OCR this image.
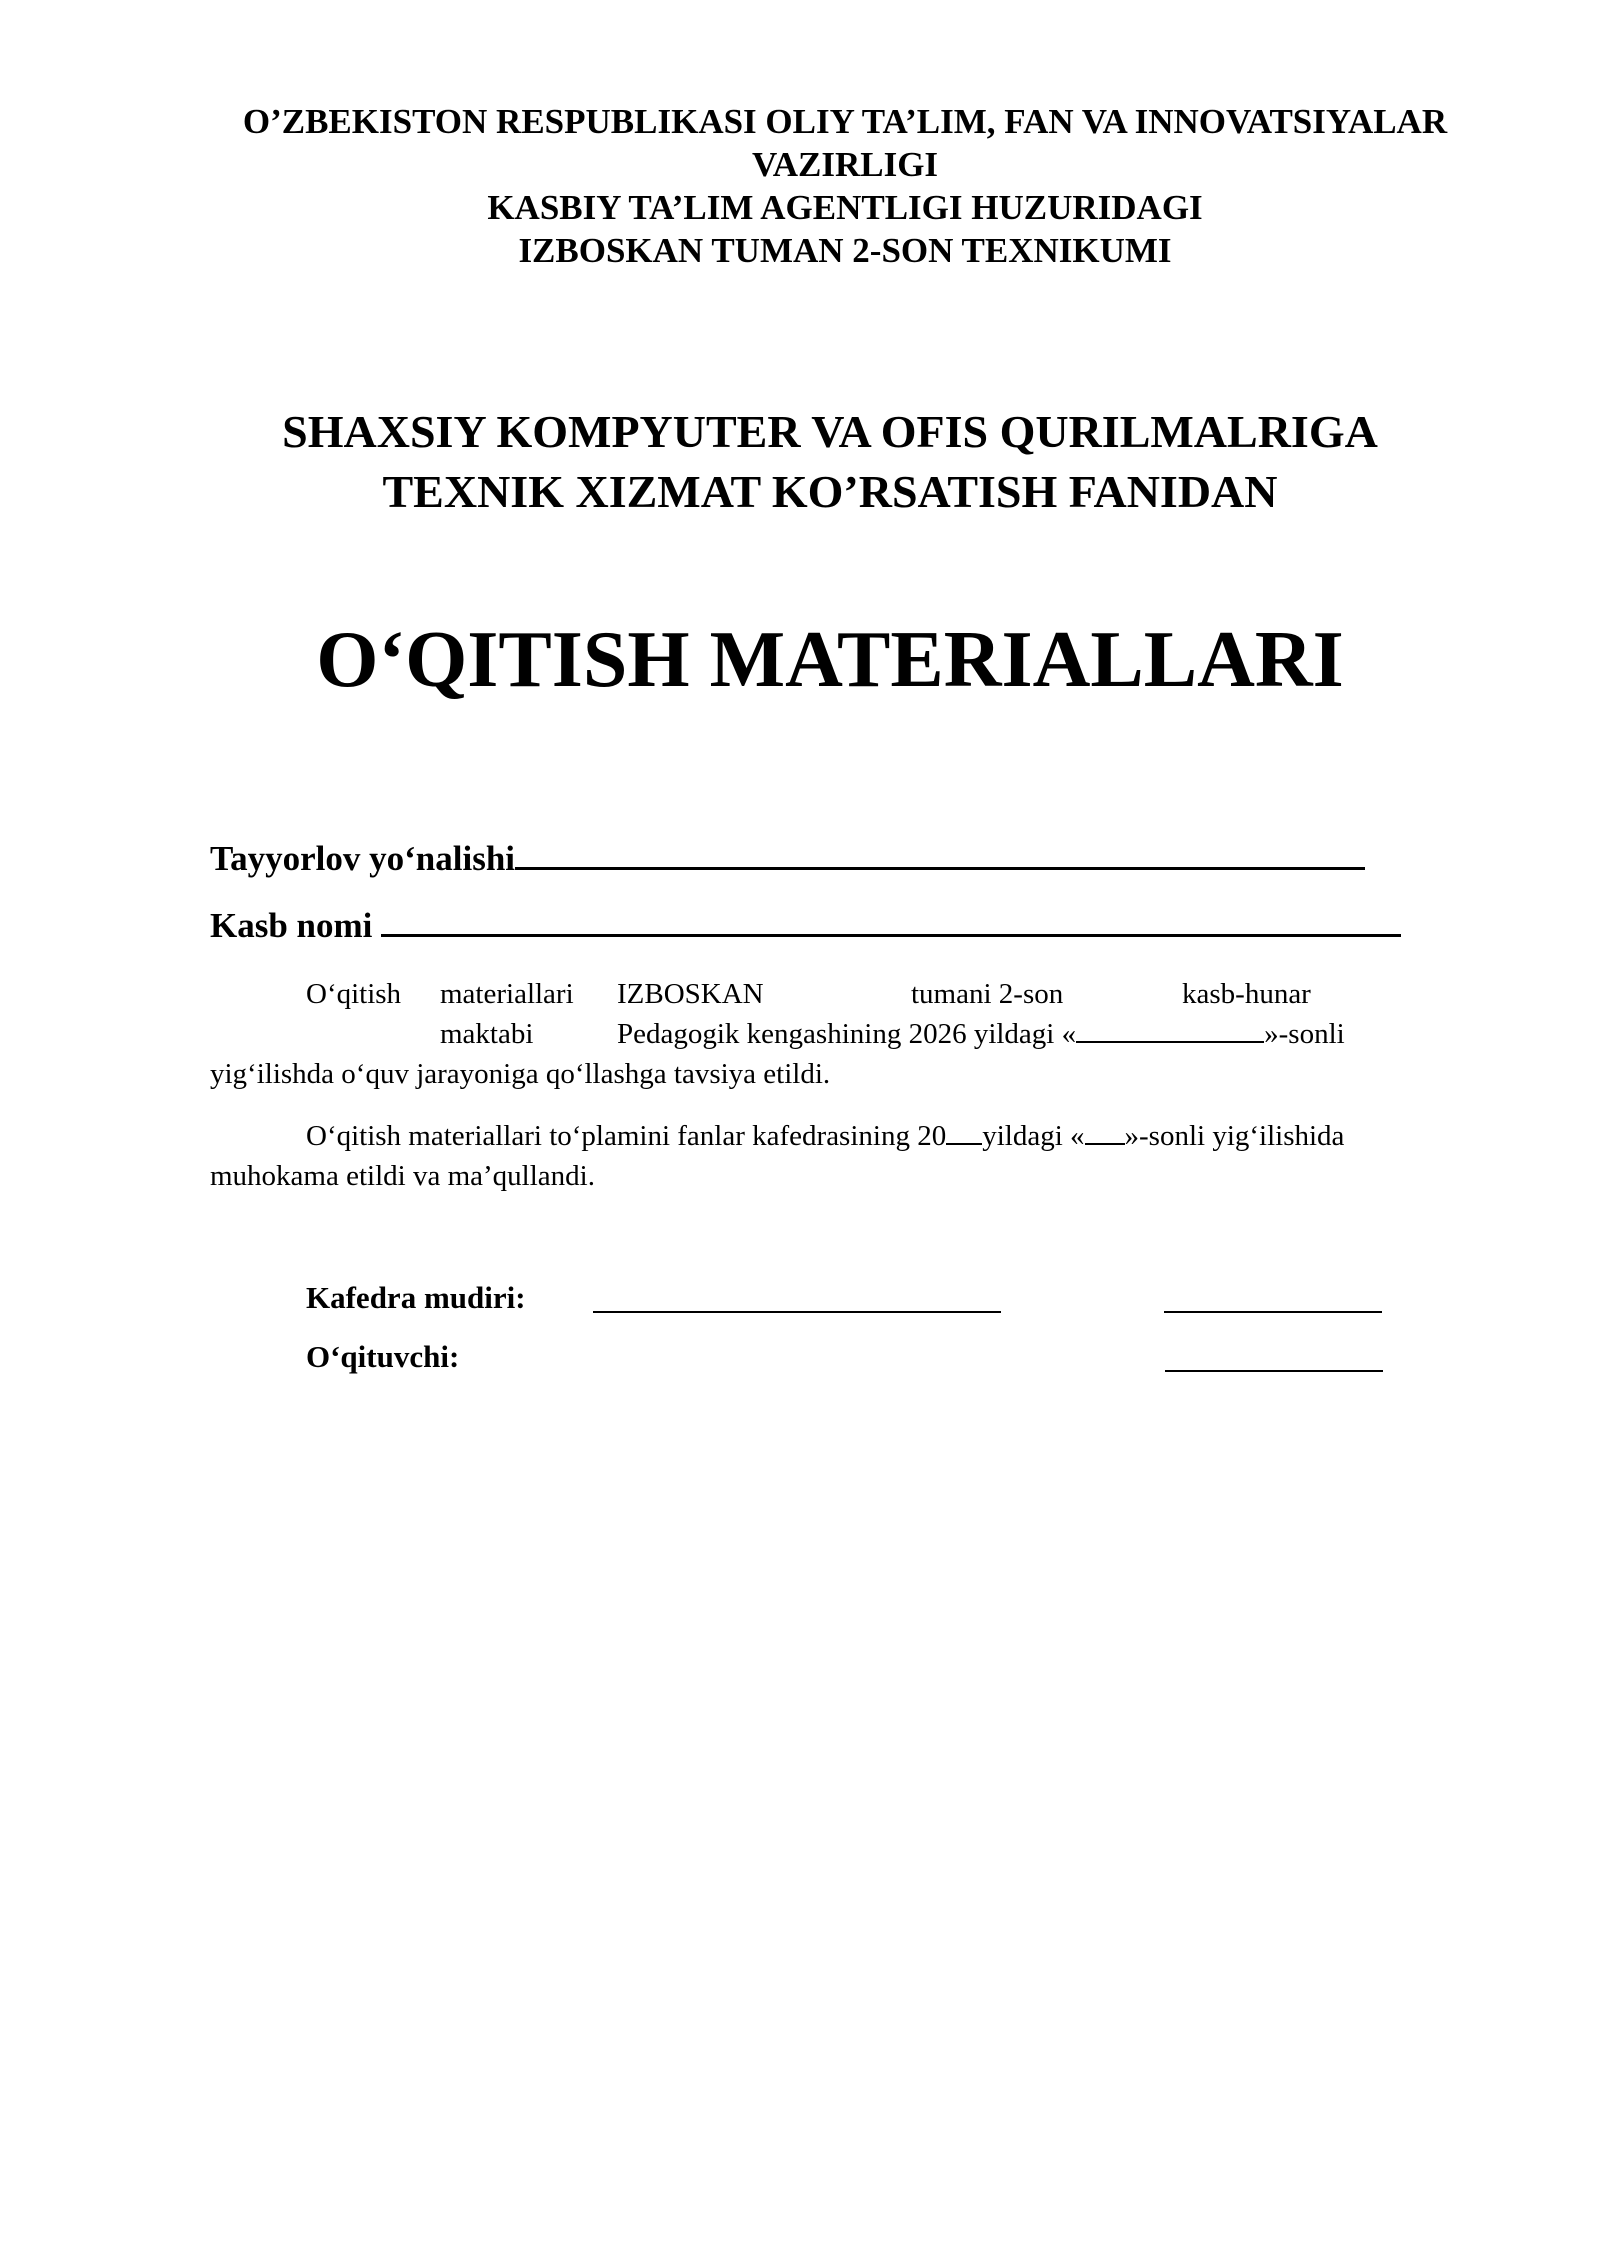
O’ZBEKISTON RESPUBLIKASI OLIY TA’LIM, FAN VA INNOVATSIYALAR
VAZIRLIGI
KASBIY TA’LIM AGENTLIGI HUZURIDAGI
IZBOSKAN TUMAN 2-SON TEXNIKUMI
SHAXSIY KOMPYUTER VA OFIS QURILMALRIGA
TEXNIK XIZMAT KO’RSATISH FANIDAN
O‘QITISH MATERIALLARI
Tayyorlov yo‘nalishi
Kasb nomi
O‘qitish materiallari IZBOSKAN	tumani 2-son	kasb-hunar
maktabi	Pedagogik kengashining 2026 yildagi «	»-sonli
yig‘ilishda o‘quv jarayoniga qo‘llashga tavsiya etildi.
O‘qitish materiallari to‘plamini fanlar kafedrasining 20 yildagi « »-sonli yig‘ilishida
muhokama etildi va ma’qullandi.
Kafedra mudiri:
O‘qituvchi:
